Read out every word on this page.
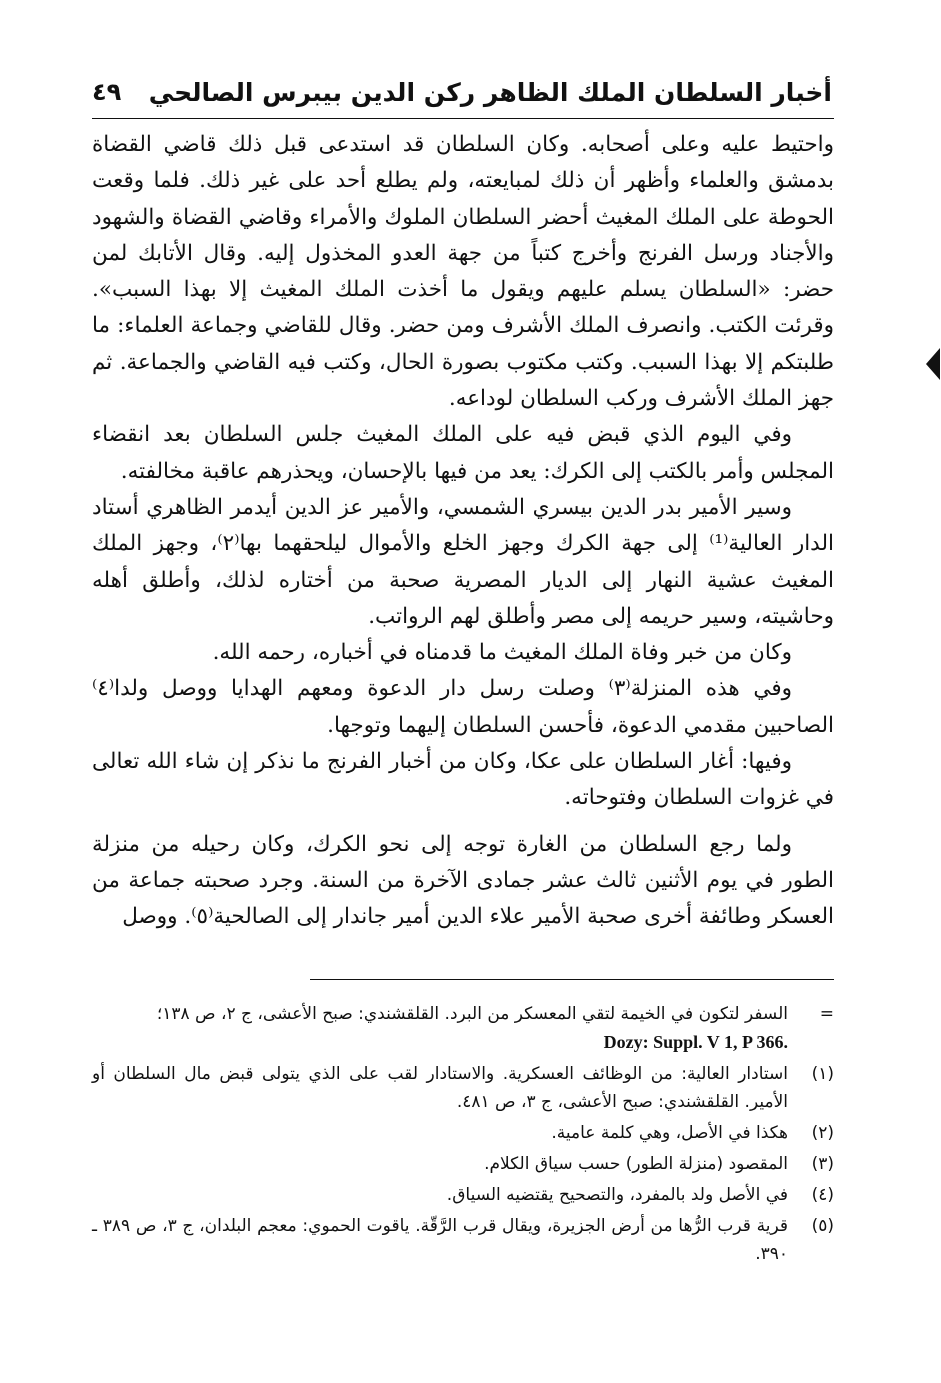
أخبار السلطان الملك الظاهر ركن الدين بيبرس الصالحي
٤٩

واحتيط عليه وعلى أصحابه. وكان السلطان قد استدعى قبل ذلك قاضي القضاة بدمشق والعلماء وأظهر أن ذلك لمبايعته، ولم يطلع أحد على غير ذلك. فلما وقعت الحوطة على الملك المغيث أحضر السلطان الملوك والأمراء وقاضي القضاة والشهود والأجناد ورسل الفرنج وأخرج كتباً من جهة العدو المخذول إليه. وقال الأتابك لمن حضر: «السلطان يسلم عليهم ويقول ما أخذت الملك المغيث إلا بهذا السبب». وقرئت الكتب. وانصرف الملك الأشرف ومن حضر. وقال للقاضي وجماعة العلماء: ما طلبتكم إلا بهذا السبب. وكتب مكتوب بصورة الحال، وكتب فيه القاضي والجماعة. ثم جهز الملك الأشرف وركب السلطان لوداعه.

وفي اليوم الذي قبض فيه على الملك المغيث جلس السلطان بعد انقضاء المجلس وأمر بالكتب إلى الكرك: يعد من فيها بالإحسان، ويحذرهم عاقبة مخالفته.

وسير الأمير بدر الدين بيسري الشمسي، والأمير عز الدين أيدمر الظاهري أستاد الدار العالية⁽¹⁾ إلى جهة الكرك وجهز الخلع والأموال ليلحقهما بها⁽٢⁾، وجهز الملك المغيث عشية النهار إلى الديار المصرية صحبة من أختاره لذلك، وأطلق أهله وحاشيته، وسير حريمه إلى مصر وأطلق لهم الرواتب.

وكان من خبر وفاة الملك المغيث ما قدمناه في أخباره، رحمه الله.

وفي هذه المنزلة⁽٣⁾ وصلت رسل دار الدعوة ومعهم الهدايا ووصل ولدا⁽٤⁾ الصاحبين مقدمي الدعوة، فأحسن السلطان إليهما وتوجها.

وفيها: أغار السلطان على عكا، وكان من أخبار الفرنج ما نذكر إن شاء الله تعالى في غزوات السلطان وفتوحاته.

ولما رجع السلطان من الغارة توجه إلى نحو الكرك، وكان رحيله من منزلة الطور في يوم الأثنين ثالث عشر جمادى الآخرة من السنة. وجرد صحبته جماعة من العسكر وطائفة أخرى صحبة الأمير علاء الدين أمير جاندار إلى الصالحية⁽٥⁾. ووصل

=
السفر لتكون في الخيمة لتقي المعسكر من البرد. القلقشندي: صبح الأعشى، ج ٢، ص ١٣٨؛
Dozy: Suppl. V 1, P 366.
(١)
استادار العالية: من الوظائف العسكرية. والاستادار لقب على الذي يتولى قبض مال السلطان أو الأمير. القلقشندي: صبح الأعشى، ج ٣، ص ٤٨١.
(٢)
هكذا في الأصل، وهي كلمة عامية.
(٣)
المقصود (منزلة الطور) حسب سياق الكلام.
(٤)
في الأصل ولد بالمفرد، والتصحيح يقتضيه السياق.
(٥)
قرية قرب الرُّها من أرض الجزيرة، ويقال قرب الرَّقّة. ياقوت الحموي: معجم البلدان، ج ٣، ص ٣٨٩ ـ ٣٩٠.
